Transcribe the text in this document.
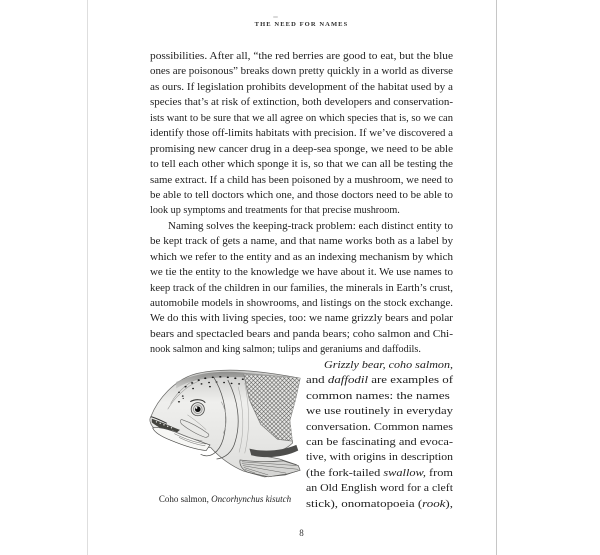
THE NEED FOR NAMES
possibilities. After all, “the red berries are good to eat, but the blue
ones are poisonous” breaks down pretty quickly in a world as diverse
as ours. If legislation prohibits development of the habitat used by a
species that’s at risk of extinction, both developers and conservation-
ists want to be sure that we all agree on which species that is, so we can
identify those off-limits habitats with precision. If we’ve discovered a
promising new cancer drug in a deep-sea sponge, we need to be able
to tell each other which sponge it is, so that we can all be testing the
same extract. If a child has been poisoned by a mushroom, we need to
be able to tell doctors which one, and those doctors need to be able to
look up symptoms and treatments for that precise mushroom.
Naming solves the keeping-track problem: each distinct entity to
be kept track of gets a name, and that name works both as a label by
which we refer to the entity and as an indexing mechanism by which
we tie the entity to the knowledge we have about it. We use names to
keep track of the children in our families, the minerals in Earth’s crust,
automobile models in showrooms, and listings on the stock exchange.
We do this with living species, too: we name grizzly bears and polar
bears and spectacled bears and panda bears; coho salmon and Chi-
nook salmon and king salmon; tulips and geraniums and daffodils.
Coho salmon, Oncorhynchus kisutch
Grizzly bear, coho salmon,
and daffodil are examples of
common names: the names
we use routinely in everyday
conversation. Common names
can be fascinating and evoca-
tive, with origins in description
(the fork-tailed swallow, from
an Old English word for a cleft
stick), onomatopoeia (rook),
8
